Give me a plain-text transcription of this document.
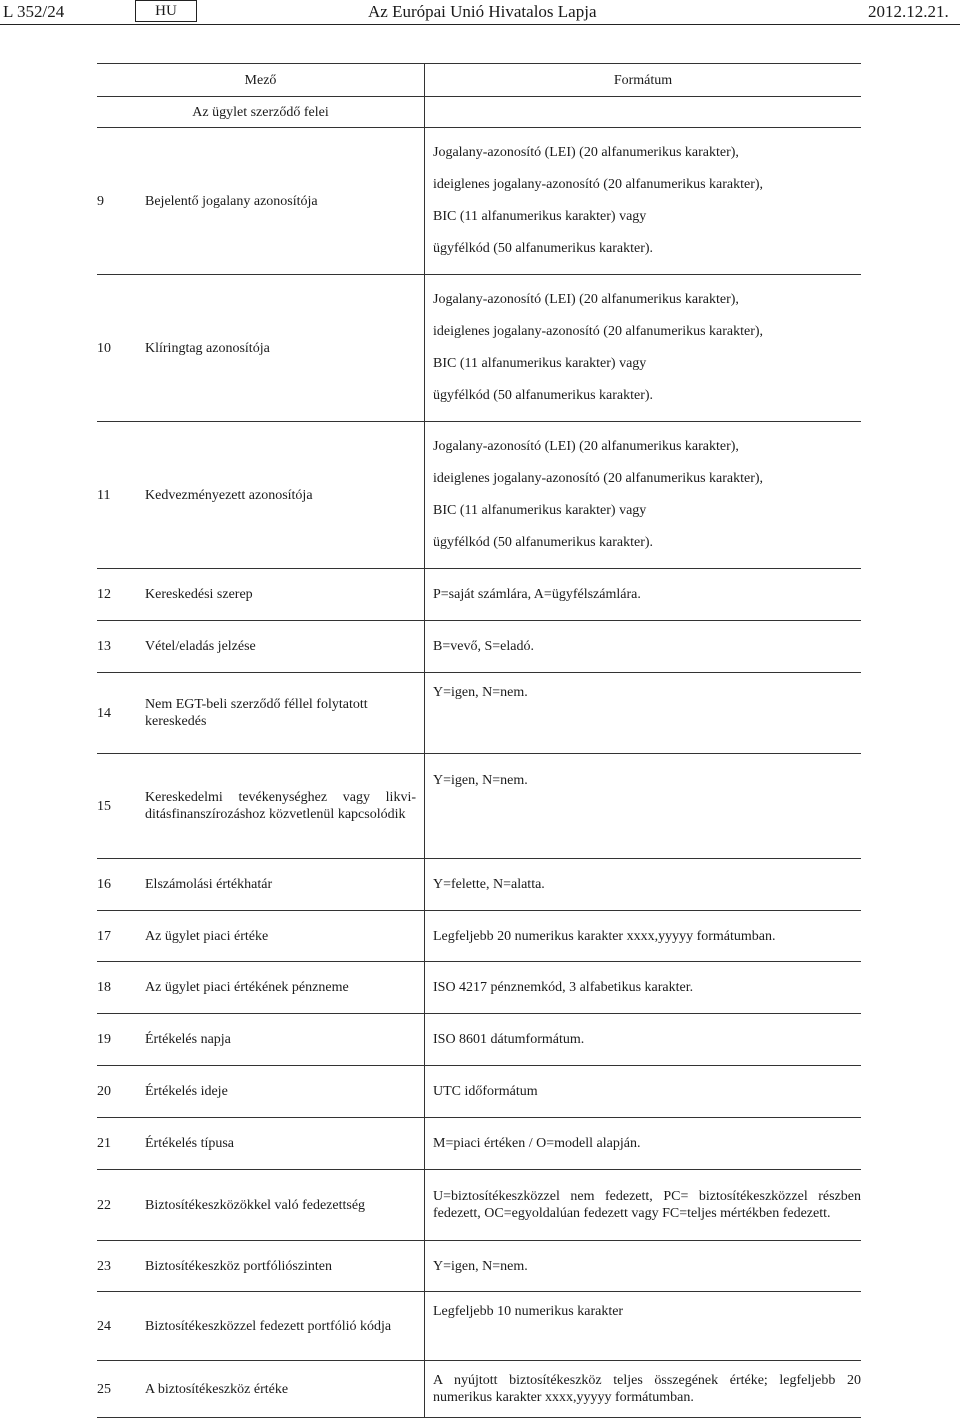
L 352/24	HU	Az Európai Unió Hivatalos Lapja	2012.12.21.
Mező		Formátum
Az ügylet szerződő felei		
9	Bejelentő jogalany azonosítója	Jogalany-azonosító (LEI) (20 alfanumerikus karakter),
ideiglenes jogalany-azonosító (20 alfanumerikus karakter),
BIC (11 alfanumerikus karakter) vagy
ügyfélkód (50 alfanumerikus karakter).

10	Klíringtag azonosítója	Jogalany-azonosító (LEI) (20 alfanumerikus karakter),
ideiglenes jogalany-azonosító (20 alfanumerikus karakter),
BIC (11 alfanumerikus karakter) vagy
ügyfélkód (50 alfanumerikus karakter).

11	Kedvezményezett azonosítója	Jogalany-azonosító (LEI) (20 alfanumerikus karakter),
ideiglenes jogalany-azonosító (20 alfanumerikus karakter),
BIC (11 alfanumerikus karakter) vagy
ügyfélkód (50 alfanumerikus karakter).

12	Kereskedési szerep	P=saját számlára, A=ügyfélszámlára.
13	Vétel/eladás jelzése	B=vevő, S=eladó.
14	Nem EGT-beli szerződő féllel folytatott kereskedés	Y=igen, N=nem.
15	Kereskedelmi tevékenységhez vagy likviditásfinanszírozáshoz közvetlenül kapcsolódik	Y=igen, N=nem.
16	Elszámolási értékhatár	Y=felette, N=alatta.
17	Az ügylet piaci értéke	Legfeljebb 20 numerikus karakter xxxx,yyyyy formátumban.
18	Az ügylet piaci értékének pénzneme	ISO 4217 pénznemkód, 3 alfabetikus karakter.
19	Értékelés napja	ISO 8601 dátumformátum.
20	Értékelés ideje	UTC időformátum
21	Értékelés típusa	M=piaci értéken / O=modell alapján.
22	Biztosítékeszközökkel való fedezettség	U=biztosítékeszközzel nem fedezett, PC= biztosítékeszközzel részben fedezett, OC=egyoldalúan fedezett vagy FC=teljes mértékben fedezett.
23	Biztosítékeszköz portfóliószinten	Y=igen, N=nem.
24	Biztosítékeszközzel fedezett portfólió kódja	Legfeljebb 10 numerikus karakter
25	A biztosítékeszköz értéke	A nyújtott biztosítékeszköz teljes összegének értéke; legfeljebb 20 numerikus karakter xxxx,yyyyy formátumban.
